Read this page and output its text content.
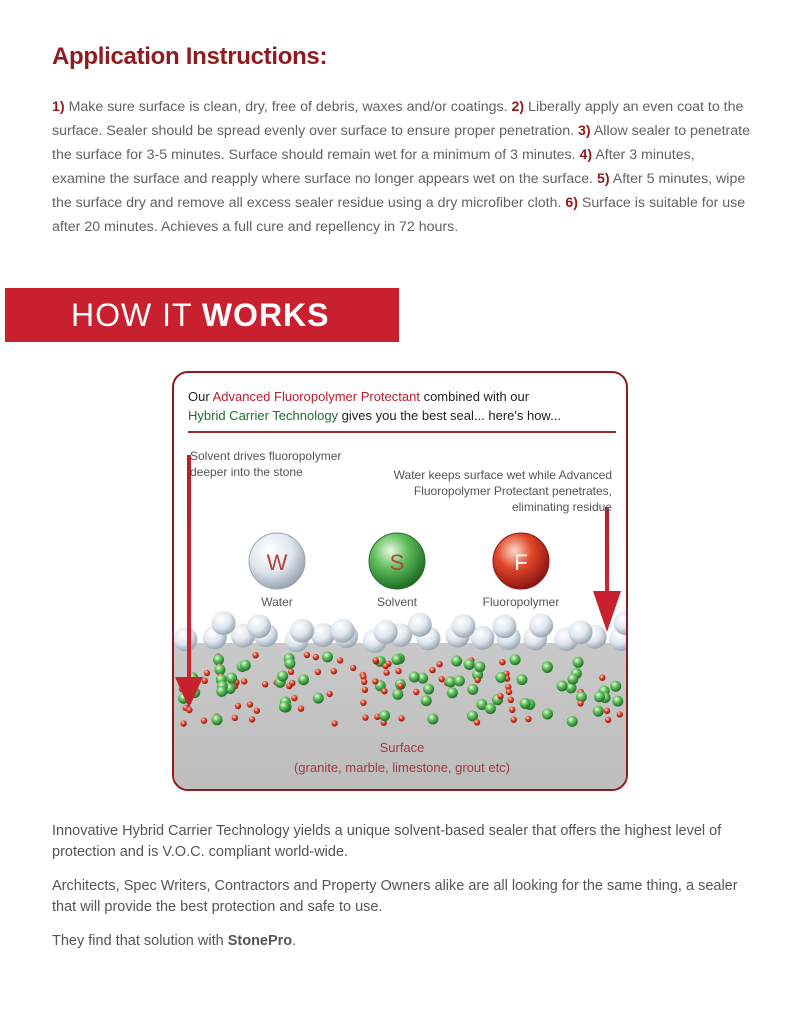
Application Instructions:

1) Make sure surface is clean, dry, free of debris, waxes and/or coatings. 2) Liberally apply an even coat to the surface. Sealer should be spread evenly over surface to ensure proper penetration. 3) Allow sealer to penetrate the surface for 3-5 minutes. Surface should remain wet for a minimum of 3 minutes. 4) After 3 minutes, examine the surface and reapply where surface no longer appears wet on the surface. 5) After 5 minutes, wipe the surface dry and remove all excess sealer residue using a dry microfiber cloth. 6) Surface is suitable for use after 20 minutes. Achieves a full cure and repellency in 72 hours.

HOW IT WORKS
W	S	F
Our Advanced Fluoropolymer Protectant combined with our
Hybrid Carrier Technology gives you the best seal... here's how...
Solvent drives fluoropolymer deeper into the stone	Water keeps surface wet while Advanced Fluoropolymer Protectant penetrates, eliminating residue
Water	Solvent	Fluoropolymer
Surface
(granite, marble, limestone, grout etc)

Innovative Hybrid Carrier Technology yields a unique solvent-based sealer that offers the highest level of protection and is V.O.C. compliant world-wide.

Architects, Spec Writers, Contractors and Property Owners alike are all looking for the same thing, a sealer that will provide the best protection and safe to use.

They find that solution with StonePro.
